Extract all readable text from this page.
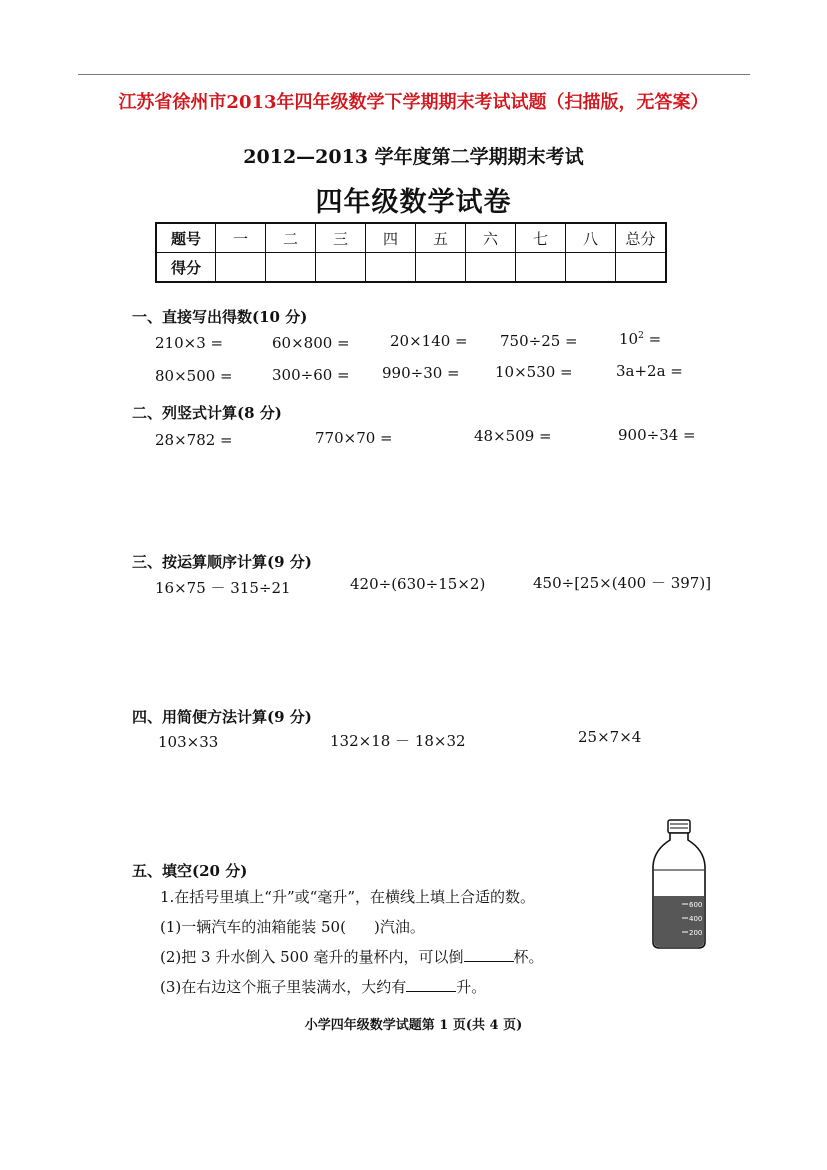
江苏省徐州市2013年四年级数学下学期期末考试试题（扫描版，无答案）
2012—2013 学年度第二学期期末考试
四年级数学试卷
题号	一	二	三	四	五	六	七	八	总分
得分									
一、直接写出得数(10 分)
210×3 =	60×800 =	20×140 = 750÷25 =	$10^2$ =
80×500 =	300÷60 = 990÷30 = 10×530 =	3a+2a =
二、列竖式计算(8 分)
28×782 =	770×70 =	48×509 =	900÷34 =
三、按运算顺序计算(9 分)
16×75 － 315÷21	420÷(630÷15×2)	450÷[25×(400 － 397)]
四、用简便方法计算(9 分)
103×33	132×18 － 18×32	25×7×4
五、填空(20 分)
1.在括号里填上“升”或“毫升”，在横线上填上合适的数。
(1)一辆汽车的油箱能装 50( )汽油。
(2)把 3 升水倒入 500 毫升的量杯内，可以倒	杯。
(3)在右边这个瓶子里装满水，大约有	升。
600
400
200
小学四年级数学试题第 1 页(共 4 页)
